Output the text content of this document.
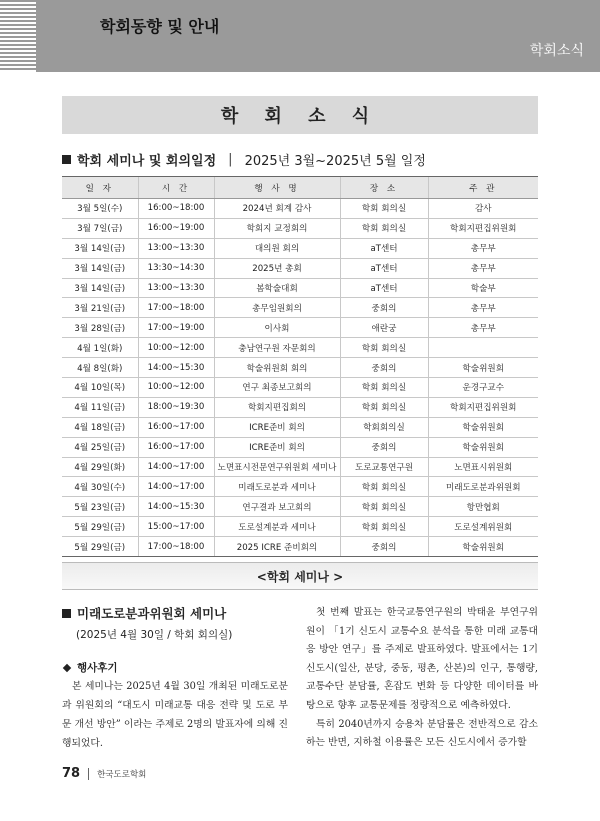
학회동향 및 안내
학회소식
학 회 소 식
학회 세미나 및 회의일정 | 2025년 3월~2025년 5월 일정
일 자	시 간	행 사 명	장 소	주 관
3월 5일(수)	16:00~18:00	2024년 회계 감사	학회 회의실	감사
3월 7일(금)	16:00~19:00	학회지 교정회의	학회 회의실	학회지편집위원회
3월 14일(금)	13:00~13:30	대의원 회의	aT센터	총무부
3월 14일(금)	13:30~14:30	2025년 총회	aT센터	총무부
3월 14일(금)	13:00~13:30	봄학술대회	aT센터	학술부
3월 21일(금)	17:00~18:00	총무임원회의	중회의	총무부
3월 28일(금)	17:00~19:00	이사회	애란궁	총무부
4월 1일(화)	10:00~12:00	충남연구원 자문회의	학회 회의실	
4월 8일(화)	14:00~15:30	학술위원회 회의	중회의	학술위원회
4월 10일(목)	10:00~12:00	연구 최종보고회의	학회 회의실	운경구교수
4월 11일(금)	18:00~19:30	학회지편집회의	학회 회의실	학회지편집위원회
4월 18일(금)	16:00~17:00	ICRE준비 회의	학회회의실	학술위원회
4월 25일(금)	16:00~17:00	ICRE준비 회의	중회의	학술위원회
4월 29일(화)	14:00~17:00	노면표시전문연구위원회 세미나	도로교통연구원	노면표시위원회
4월 30일(수)	14:00~17:00	미래도로분과 세미나	학회 회의실	미래도로분과위원회
5월 23일(금)	14:00~15:30	연구결과 보고회의	학회 회의실	항만협회
5월 29일(금)	15:00~17:00	도로설계분과 세미나	학회 회의실	도로설계위원회
5월 29일(금)	17:00~18:00	2025 ICRE 준비회의	중회의	학술위원회
<학회 세미나 >
미래도로분과위원회 세미나
(2025년 4월 30일 / 학회 회의실)
행사후기

본 세미나는 2025년 4월 30일 개최된 미래도로분과 위원회의 “대도시 미래교통 대응 전략 및 도로 부문 개선 방안” 이라는 주제로 2명의 발표자에 의해 진행되었다.

첫 번째 발표는 한국교통연구원의 박태윤 부연구위원이 「1기 신도시 교통수요 분석을 통한 미래 교통대응 방안 연구」를 주제로 발표하였다. 발표에서는 1기 신도시(일산, 분당, 중동, 평촌, 산본)의 인구, 통행량, 교통수단 분담률, 혼잡도 변화 등 다양한 데이터를 바탕으로 향후 교통문제를 정량적으로 예측하였다.

특히 2040년까지 승용차 분담률은 전반적으로 감소하는 반면, 지하철 이용률은 모든 신도시에서 증가할

78 한국도로학회
